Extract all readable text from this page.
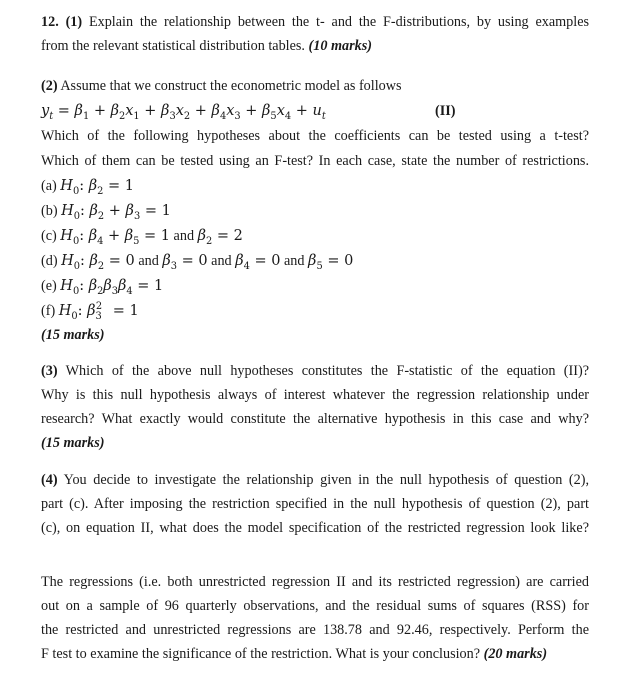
12. (1) Explain the relationship between the t- and the F-distributions, by using examples
from the relevant statistical distribution tables. (10 marks)
(2) Assume that we construct the econometric model as follows
$y_t = \beta_1 + \beta_2x_1 + \beta_3x_2 + \beta_4x_3 + \beta_5x_4 + u_t$	(II)
Which of the following hypotheses about the coefficients can be tested using a t-test?
Which of them can be tested using an F-test? In each case, state the number of restrictions.
(a) $H_0$: $\beta_2 = 1$
(b) $H_0$: $\beta_2 + \beta_3 = 1$
(c) $H_0$: $\beta_4 + \beta_5 = 1$ and $\beta_2 = 2$
(d) $H_0$: $\beta_2 = 0$ and $\beta_3 = 0$ and $\beta_4 = 0$ and $\beta_5 = 0$
(e) $H_0$: $\beta_2\beta_3\beta_4 = 1$
(f) $H_0$: $\beta_3^2 = 1$
(15 marks)
(3) Which of the above null hypotheses constitutes the F-statistic of the equation (II)?
Why is this null hypothesis always of interest whatever the regression relationship under
research? What exactly would constitute the alternative hypothesis in this case and why?
(15 marks)
(4) You decide to investigate the relationship given in the null hypothesis of question (2),
part (c). After imposing the restriction specified in the null hypothesis of question (2), part
(c), on equation II, what does the model specification of the restricted regression look like?
The regressions (i.e. both unrestricted regression II and its restricted regression) are carried
out on a sample of 96 quarterly observations, and the residual sums of squares (RSS) for
the restricted and unrestricted regressions are 138.78 and 92.46, respectively. Perform the
F test to examine the significance of the restriction. What is your conclusion? (20 marks)
